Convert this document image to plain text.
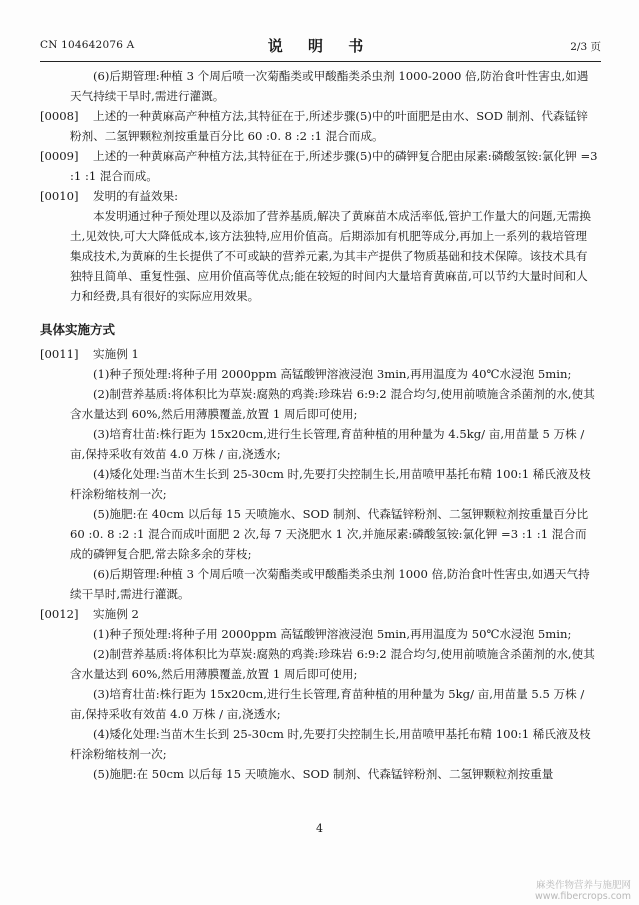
CN 104642076 A	说 明 书	2/3 页
(6)后期管理:种植 3 个周后喷一次菊酯类或甲酸酯类杀虫剂 1000-2000 倍,防治食叶性害虫,如遇天气持续干旱时,需进行灌溉。
[0008]	上述的一种黄麻高产种植方法,其特征在于,所述步骤(5)中的叶面肥是由水、SOD 制剂、代森锰锌粉剂、二氢钾颗粒剂按重量百分比 60 :0. 8 :2 :1 混合而成。
[0009]	上述的一种黄麻高产种植方法,其特征在于,所述步骤(5)中的磷钾复合肥由尿素:磷酸氢铵:氯化钾 =3 :1 :1 混合而成。
[0010]	发明的有益效果:
本发明通过种子预处理以及添加了营养基质,解决了黄麻苗木成活率低,管护工作量大的问题,无需换土,见效快,可大大降低成本,该方法独特,应用价值高。后期添加有机肥等成分,再加上一系列的栽培管理集成技术,为黄麻的生长提供了不可或缺的营养元素,为其丰产提供了物质基础和技术保障。该技术具有独特且简单、重复性强、应用价值高等优点;能在较短的时间内大量培育黄麻苗,可以节约大量时间和人力和经费,具有很好的实际应用效果。
具体实施方式
[0011]	实施例 1
(1)种子预处理:将种子用 2000ppm 高锰酸钾溶液浸泡 3min,再用温度为 40℃水浸泡 5min;
(2)制营养基质:将体积比为草炭:腐熟的鸡粪:珍珠岩 6:9:2 混合均匀,使用前喷施含杀菌剂的水,使其含水量达到 60%,然后用薄膜覆盖,放置 1 周后即可使用;
(3)培育壮苗:株行距为 15x20cm,进行生长管理,育苗种植的用种量为 4.5kg/ 亩,用苗量 5 万株 / 亩,保持采收有效苗 4.0 万株 / 亩,浇透水;
(4)矮化处理:当苗木生长到 25-30cm 时,先要打尖控制生长,用苗喷甲基托布精 100:1 稀氏液及枝杆涂粉缩枝剂一次;
(5)施肥:在 40cm 以后每 15 天喷施水、SOD 制剂、代森锰锌粉剂、二氢钾颗粒剂按重量百分比 60 :0. 8 :2 :1 混合而成叶面肥 2 次,每 7 天浇肥水 1 次,并施尿素:磷酸氢铵:氯化钾 =3 :1 :1 混合而成的磷钾复合肥,常去除多余的芽枝;
(6)后期管理:种植 3 个周后喷一次菊酯类或甲酸酯类杀虫剂 1000 倍,防治食叶性害虫,如遇天气持续干旱时,需进行灌溉。
[0012]	实施例 2
(1)种子预处理:将种子用 2000ppm 高锰酸钾溶液浸泡 5min,再用温度为 50℃水浸泡 5min;
(2)制营养基质:将体积比为草炭:腐熟的鸡粪:珍珠岩 6:9:2 混合均匀,使用前喷施含杀菌剂的水,使其含水量达到 60%,然后用薄膜覆盖,放置 1 周后即可使用;
(3)培育壮苗:株行距为 15x20cm,进行生长管理,育苗种植的用种量为 5kg/ 亩,用苗量 5.5 万株 / 亩,保持采收有效苗 4.0 万株 / 亩,浇透水;
(4)矮化处理:当苗木生长到 25-30cm 时,先要打尖控制生长,用苗喷甲基托布精 100:1 稀氏液及枝杆涂粉缩枝剂一次;
(5)施肥:在 50cm 以后每 15 天喷施水、SOD 制剂、代森锰锌粉剂、二氢钾颗粒剂按重量
4
麻类作物营养与施肥网
www.fibercrops.com
